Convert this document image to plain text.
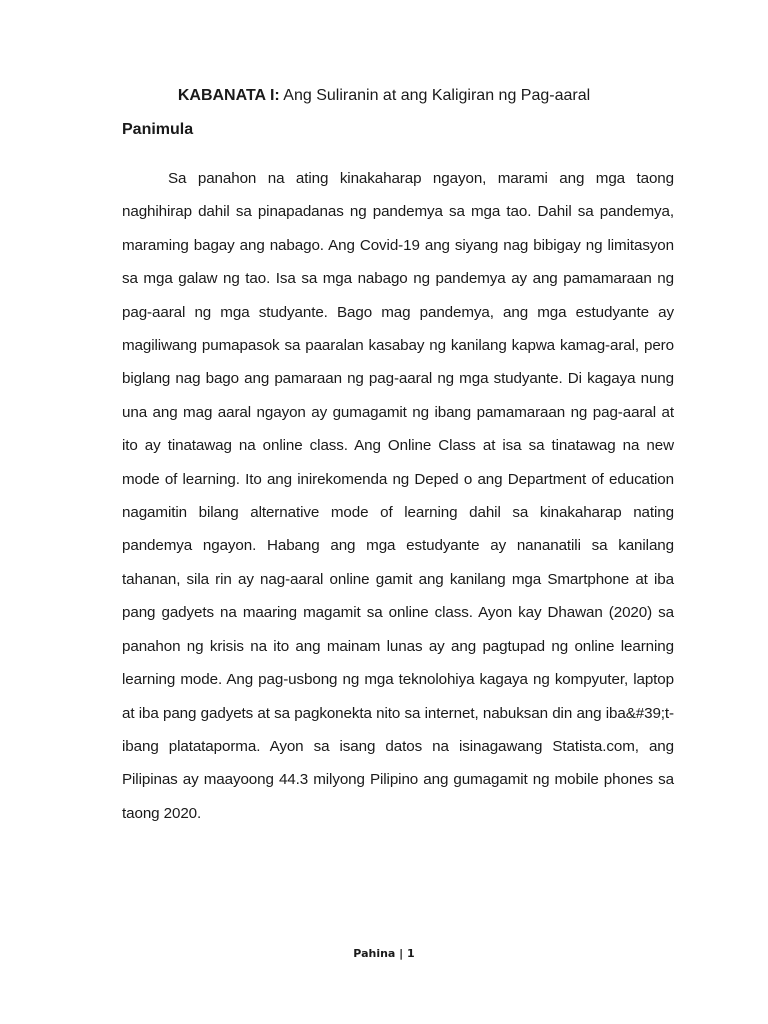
KABANATA I: Ang Suliranin at ang Kaligiran ng Pag-aaral
Panimula

Sa panahon na ating kinakaharap ngayon, marami ang mga taong naghihirap dahil sa pinapadanas ng pandemya sa mga tao. Dahil sa pandemya, maraming bagay ang nabago. Ang Covid-19 ang siyang nag bibigay ng limitasyon sa mga galaw ng tao. Isa sa mga nabago ng pandemya ay ang pamamaraan ng pag-aaral ng mga studyante. Bago mag pandemya, ang mga estudyante ay magiliwang pumapasok sa paaralan kasabay ng kanilang kapwa kamag-aral, pero biglang nag bago ang pamaraan ng pag-aaral ng mga studyante. Di kagaya nung una ang mag aaral ngayon ay gumagamit ng ibang pamamaraan ng pag-aaral at ito ay tinatawag na online class. Ang Online Class at isa sa tinatawag na new mode of learning. Ito ang inirekomenda ng Deped o ang Department of education nagamitin bilang alternative mode of learning dahil sa kinakaharap nating pandemya ngayon. Habang ang mga estudyante ay nananatili sa kanilang tahanan, sila rin ay nag-aaral online gamit ang kanilang mga Smartphone at iba pang gadyets na maaring magamit sa online class. Ayon kay Dhawan (2020) sa panahon ng krisis na ito ang mainam lunas ay ang pagtupad ng online learning learning mode. Ang pag-usbong ng mga teknolohiya kagaya ng kompyuter, laptop at iba pang gadyets at sa pagkonekta nito sa internet, nabuksan din ang iba&#39;t-ibang platataporma. Ayon sa isang datos na isinagawang Statista.com, ang Pilipinas ay maayoong 44.3 milyong Pilipino ang gumagamit ng mobile phones sa taong 2020.

Pahina | 1
